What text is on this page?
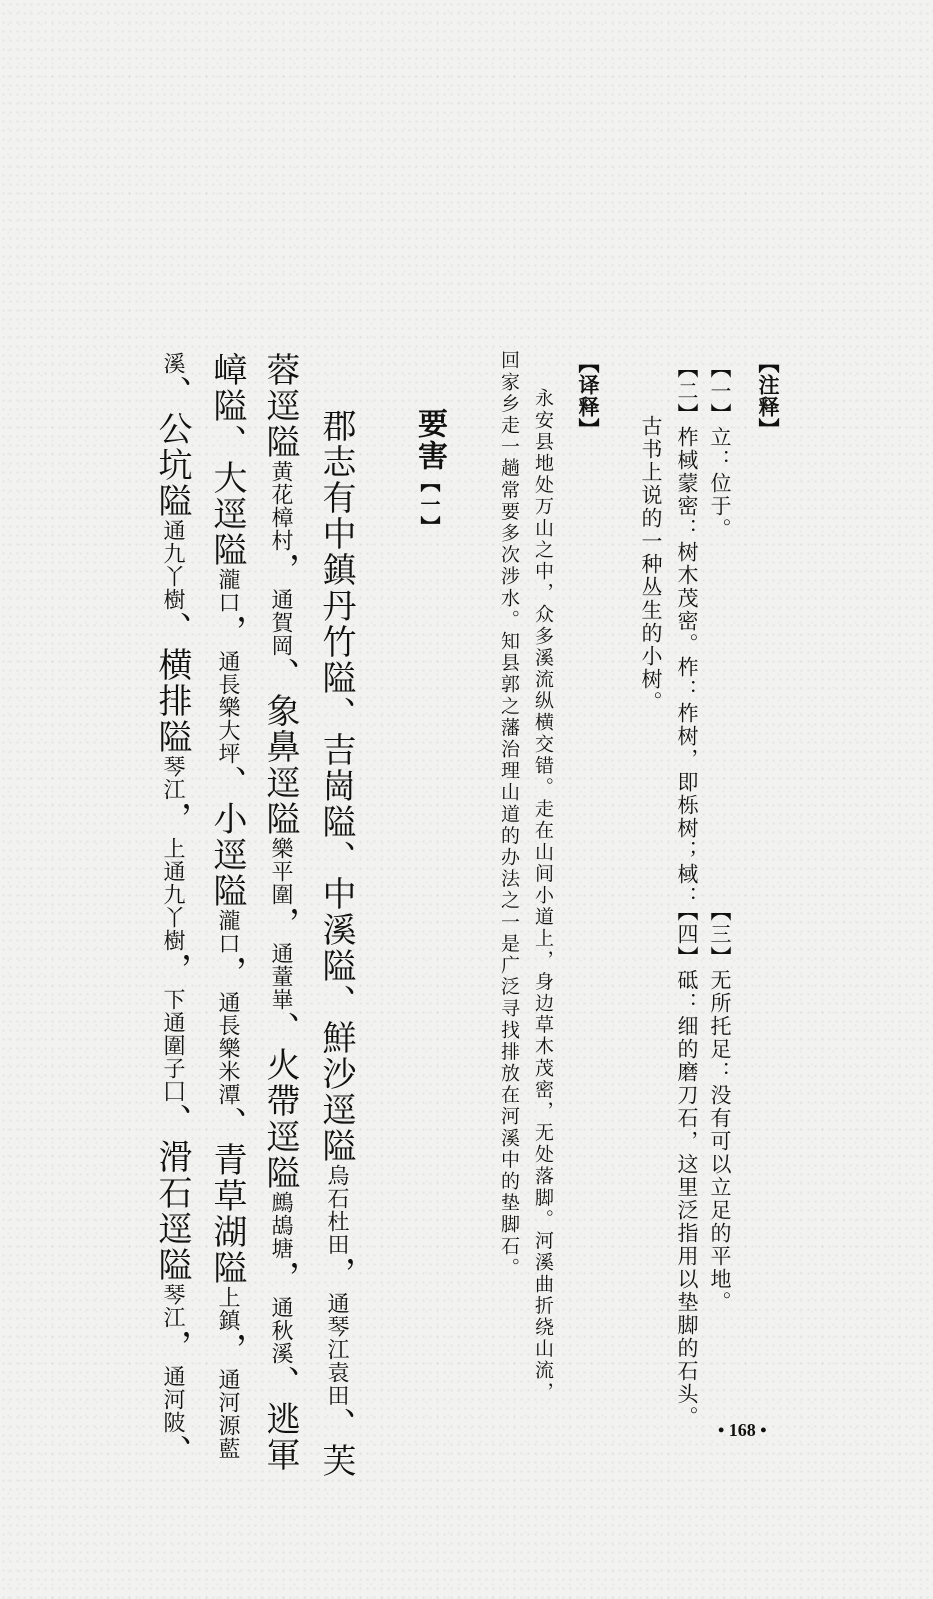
【注释】
【一】立：位于。
【二】柞棫蒙密：树木茂密。柞：柞树，即栎树；棫：
古书上说的一种丛生的小树。
【三】无所托足：没有可以立足的平地。
【四】砥：细的磨刀石，这里泛指用以垫脚的石头。
【译释】
永安县地处万山之中，众多溪流纵横交错。走在山间小道上，身边草木茂密，无处落脚。河溪曲折绕山流，
回家乡走一趟常要多次涉水。知县郭之藩治理山道的办法之一是广泛寻找排放在河溪中的垫脚石。
要害【一】
郡志有中鎮丹竹隘、吉崗隘、中溪隘、鮮沙逕隘烏石杜田，通琴江袁田、芙
蓉逕隘黄花樟村，通賀岡、象鼻逕隘樂平圍，通蕫崋、火帶逕隘鷓鴣塘，通秋溪、逃軍
嶂隘、大逕隘瀧口，通長樂大坪、小逕隘瀧口，通長樂米潭、青草湖隘上鎮，通河源藍
溪、公坑隘通九丫樹、横排隘琴江，上通九丫樹，下通圍子囗、滑石逕隘琴江，通河陂、
• 168 •
